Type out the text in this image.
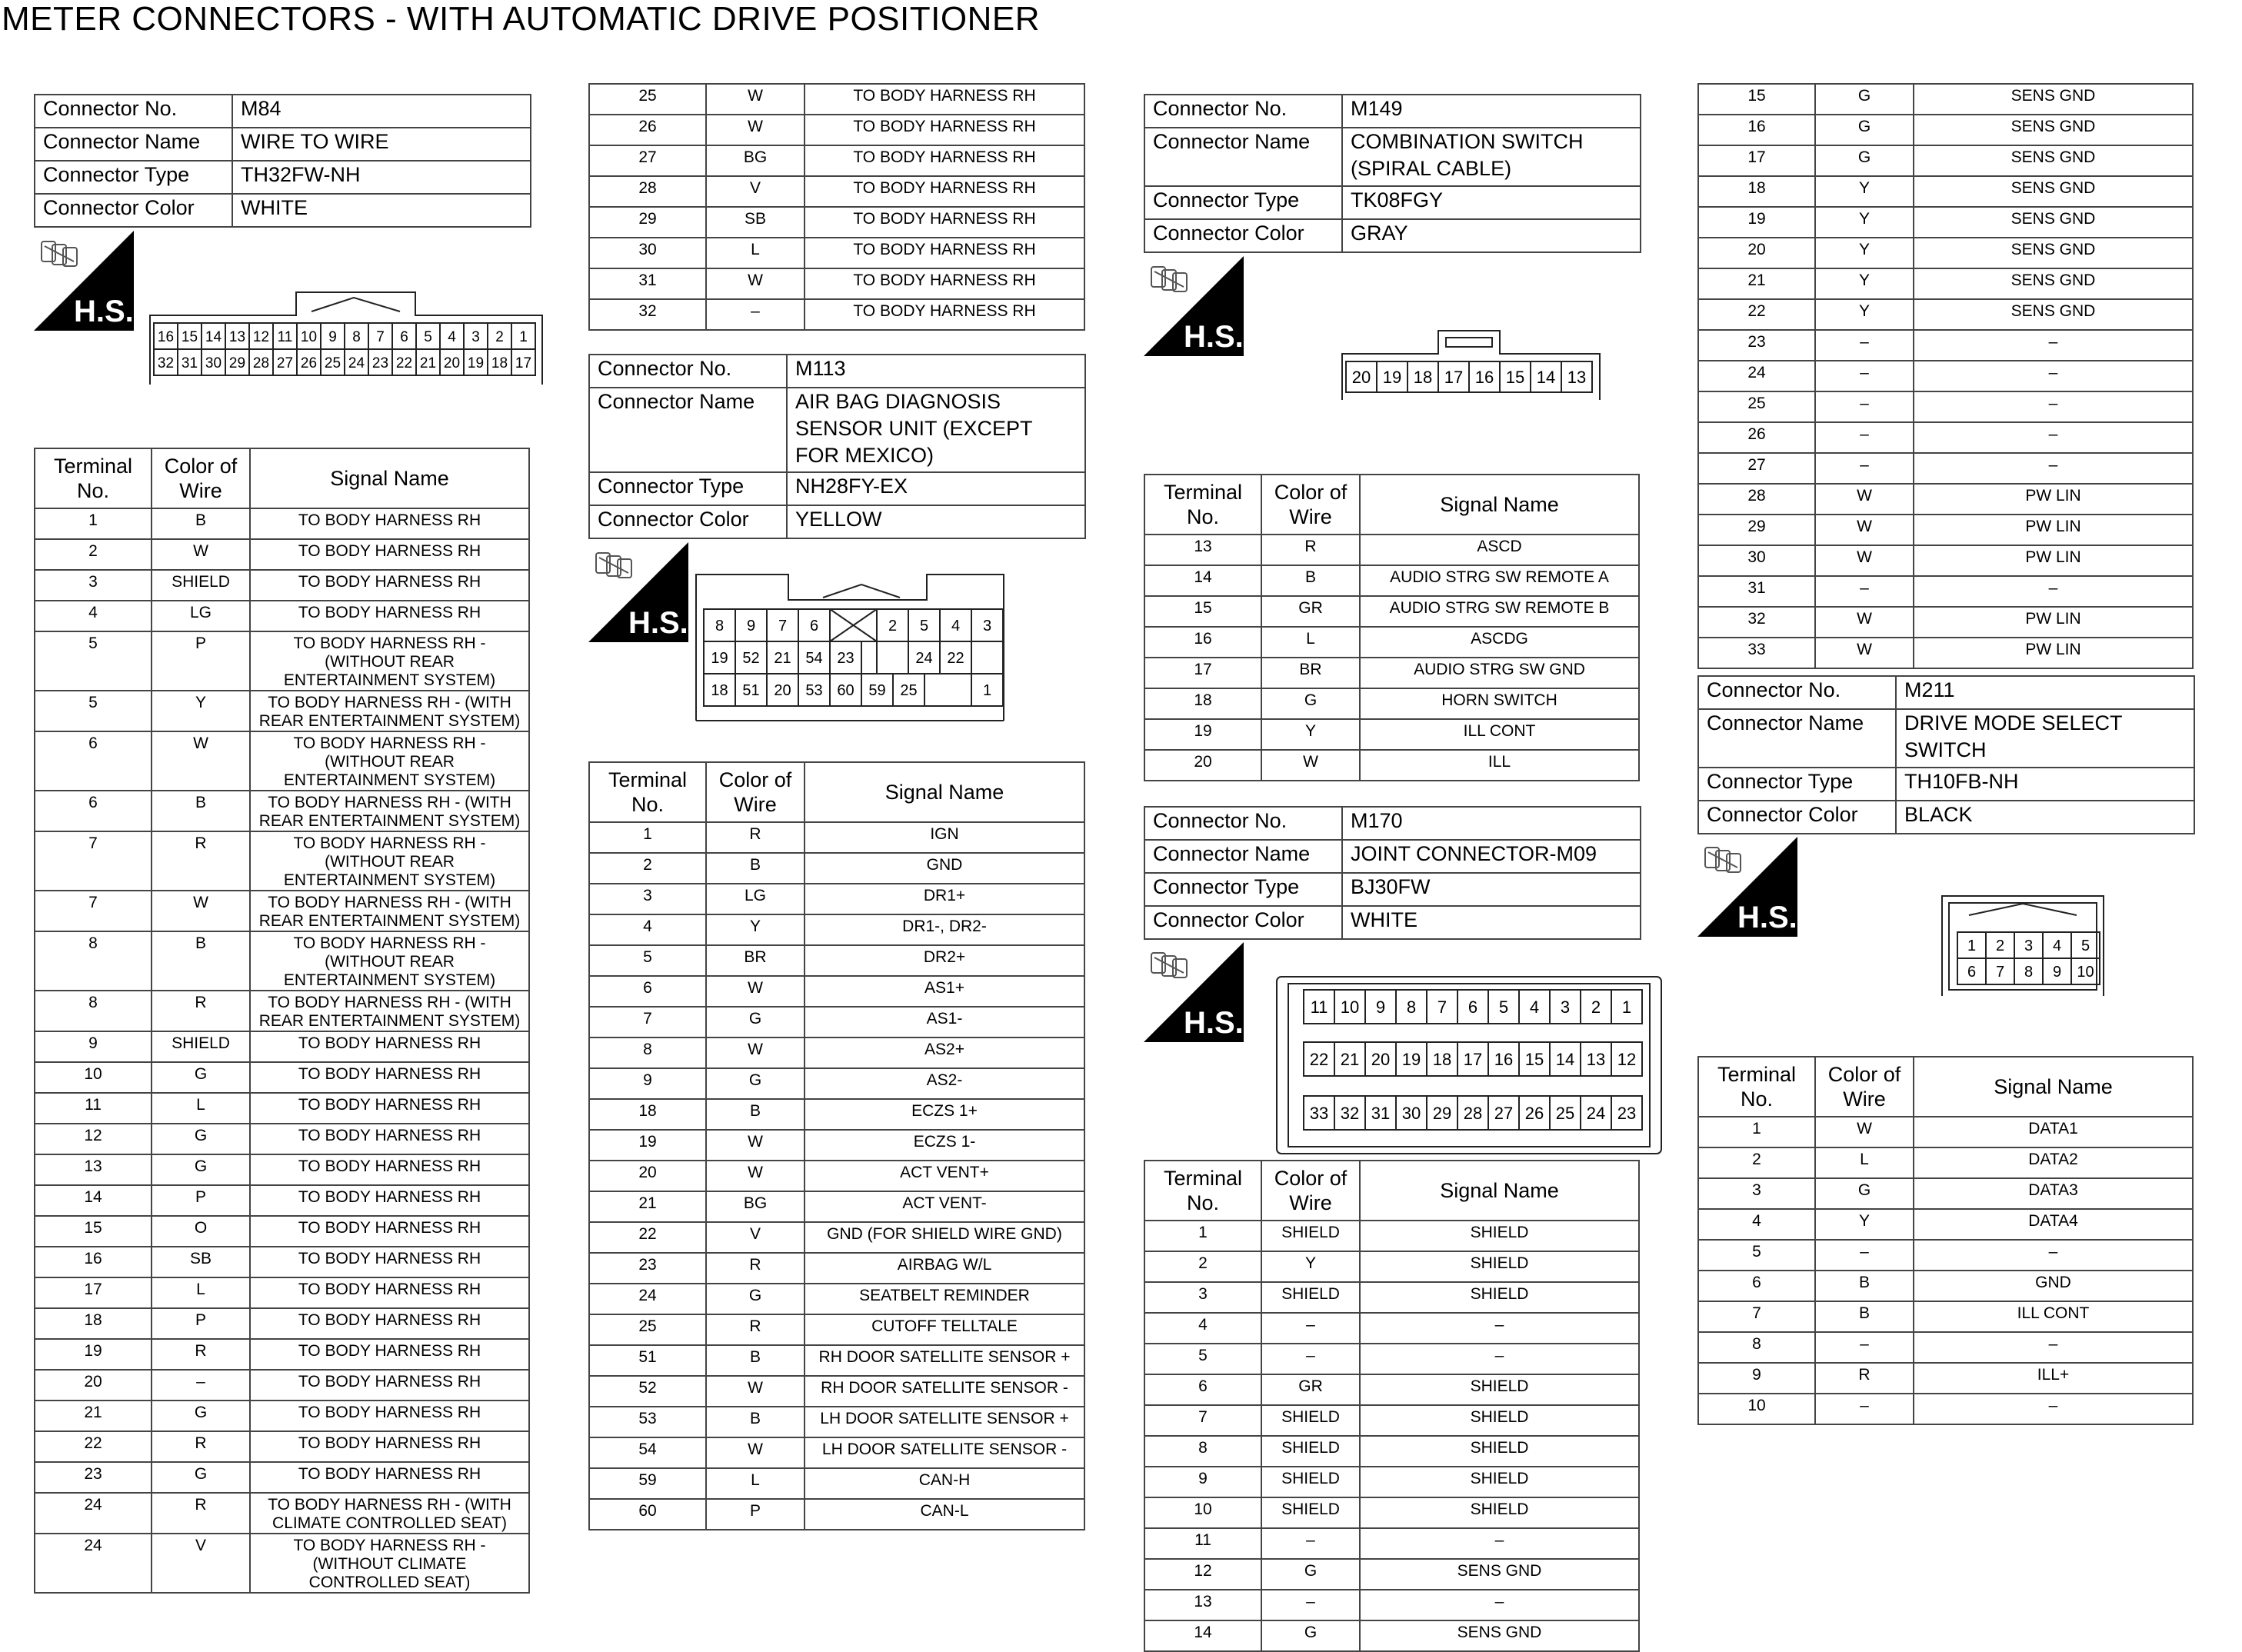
METER CONNECTORS - WITH AUTOMATIC DRIVE POSITIONER
Connector No.	M84
Connector Name	WIRE TO WIRE
Connector Type	TH32FW-NH
Connector Color	WHITE
H.S.
16 15 14 13 12 11 10 9 8 7 6 5 4 3 2 1
32 31 30 29 28 27 26 25 24 23 22 21 20 19 18 17
Terminal No.	Color of Wire	Signal Name
1	B	TO BODY HARNESS RH
2	W	TO BODY HARNESS RH
3	SHIELD	TO BODY HARNESS RH
4	LG	TO BODY HARNESS RH
5	P	TO BODY HARNESS RH -
(WITHOUT REAR
ENTERTAINMENT SYSTEM)
5	Y	TO BODY HARNESS RH - (WITH
REAR ENTERTAINMENT SYSTEM)
6	W	TO BODY HARNESS RH -
(WITHOUT REAR
ENTERTAINMENT SYSTEM)
6	B	TO BODY HARNESS RH - (WITH
REAR ENTERTAINMENT SYSTEM)
7	R	TO BODY HARNESS RH -
(WITHOUT REAR
ENTERTAINMENT SYSTEM)
7	W	TO BODY HARNESS RH - (WITH
REAR ENTERTAINMENT SYSTEM)
8	B	TO BODY HARNESS RH -
(WITHOUT REAR
ENTERTAINMENT SYSTEM)
8	R	TO BODY HARNESS RH - (WITH
REAR ENTERTAINMENT SYSTEM)
9	SHIELD	TO BODY HARNESS RH
10	G	TO BODY HARNESS RH
11	L	TO BODY HARNESS RH
12	G	TO BODY HARNESS RH
13	G	TO BODY HARNESS RH
14	P	TO BODY HARNESS RH
15	O	TO BODY HARNESS RH
16	SB	TO BODY HARNESS RH
17	L	TO BODY HARNESS RH
18	P	TO BODY HARNESS RH
19	R	TO BODY HARNESS RH
20	–	TO BODY HARNESS RH
21	G	TO BODY HARNESS RH
22	R	TO BODY HARNESS RH
23	G	TO BODY HARNESS RH
24	R	TO BODY HARNESS RH - (WITH
CLIMATE CONTROLLED SEAT)
24	V	TO BODY HARNESS RH -
(WITHOUT CLIMATE
CONTROLLED SEAT)
25	W	TO BODY HARNESS RH
26	W	TO BODY HARNESS RH
27	BG	TO BODY HARNESS RH
28	V	TO BODY HARNESS RH
29	SB	TO BODY HARNESS RH
30	L	TO BODY HARNESS RH
31	W	TO BODY HARNESS RH
32	–	TO BODY HARNESS RH
Connector No.	M113
Connector Name	AIR BAG DIAGNOSIS
SENSOR UNIT (EXCEPT
FOR MEXICO)
Connector Type	NH28FY-EX
Connector Color	YELLOW
H.S. 8 9 7 6	2 5 4 3
19 52 21 54 23	24 22
18 51 20 53 60 59 25	1
Terminal No.	Color of Wire	Signal Name
1	R	IGN
2	B	GND
3	LG	DR1+
4	Y	DR1-, DR2-
5	BR	DR2+
6	W	AS1+
7	G	AS1-
8	W	AS2+
9	G	AS2-
18	B	ECZS 1+
19	W	ECZS 1-
20	W	ACT VENT+
21	BG	ACT VENT-
22	V	GND (FOR SHIELD WIRE GND)
23	R	AIRBAG W/L
24	G	SEATBELT REMINDER
25	R	CUTOFF TELLTALE
51	B	RH DOOR SATELLITE SENSOR +
52	W	RH DOOR SATELLITE SENSOR -
53	B	LH DOOR SATELLITE SENSOR +
54	W	LH DOOR SATELLITE SENSOR -
59	L	CAN-H
60	P	CAN-L
Connector No.	M149
Connector Name	COMBINATION SWITCH
(SPIRAL CABLE)
Connector Type	TK08FGY
Connector Color	GRAY
H.S.
20 19 18 17 16 15 14 13
Terminal No.	Color of Wire	Signal Name
13	R	ASCD
14	B	AUDIO STRG SW REMOTE A
15	GR	AUDIO STRG SW REMOTE B
16	L	ASCDG
17	BR	AUDIO STRG SW GND
18	G	HORN SWITCH
19	Y	ILL CONT
20	W	ILL
Connector No.	M170
Connector Name	JOINT CONNECTOR-M09
Connector Type	BJ30FW
Connector Color	WHITE
H.S.	11 10 9 8 7 6 5 4 3 2 1
22 21 20 19 18 17 16 15 14 13 12
33 32 31 30 29 28 27 26 25 24 23
Terminal No.	Color of Wire	Signal Name
1	SHIELD	SHIELD
2	Y	SHIELD
3	SHIELD	SHIELD
4	–	–
5	–	–
6	GR	SHIELD
7	SHIELD	SHIELD
8	SHIELD	SHIELD
9	SHIELD	SHIELD
10	SHIELD	SHIELD
11	–	–
12	G	SENS GND
13	–	–
14	G	SENS GND
15	G	SENS GND
16	G	SENS GND
17	G	SENS GND
18	Y	SENS GND
19	Y	SENS GND
20	Y	SENS GND
21	Y	SENS GND
22	Y	SENS GND
23	–	–
24	–	–
25	–	–
26	–	–
27	–	–
28	W	PW LIN
29	W	PW LIN
30	W	PW LIN
31	–	–
32	W	PW LIN
33	W	PW LIN
Connector No.	M211
Connector Name	DRIVE MODE SELECT
SWITCH
Connector Type	TH10FB-NH
Connector Color	BLACK
H.S.
1 2 3 4 5
6 7 8 9 10
Terminal No.	Color of Wire	Signal Name
1	W	DATA1
2	L	DATA2
3	G	DATA3
4	Y	DATA4
5	–	–
6	B	GND
7	B	ILL CONT
8	–	–
9	R	ILL+
10	–	–
